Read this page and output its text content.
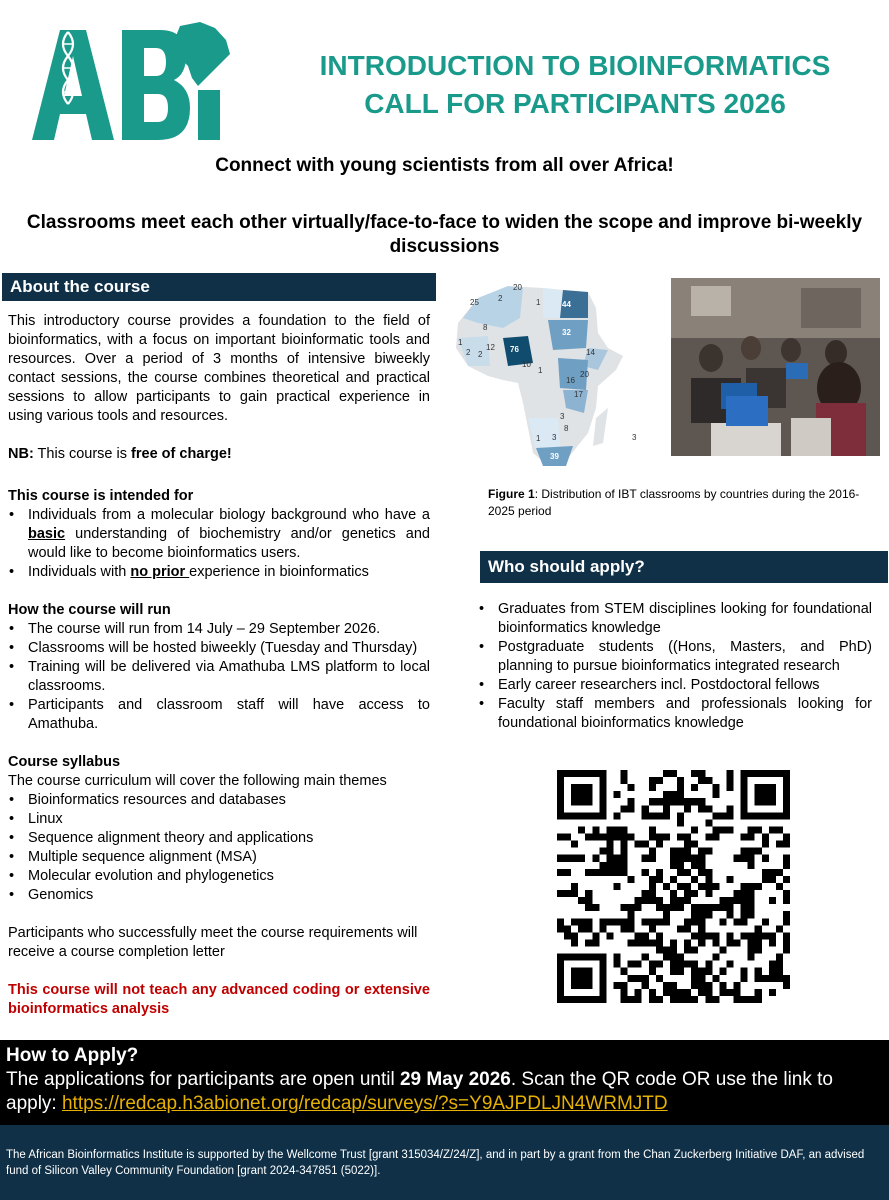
INTRODUCTION TO BIOINFORMATICS
CALL FOR PARTICIPANTS 2026
Connect with young scientists from all over Africa!
Classrooms meet each other virtually/face-to-face to widen the scope and improve bi-weekly discussions
About the course
This introductory course provides a foundation to the field of bioinformatics, with a focus on important bioinformatic tools and resources. Over a period of 3 months of intensive biweekly contact sessions, the course combines theoretical and practical sessions to allow participants to gain practical experience in using various tools and resources.
NB: This course is free of charge!
This course is intended for
• Individuals from a molecular biology background who have a basic understanding of biochemistry and/or genetics and would like to become bioinformatics users.
• Individuals with no prior experience in bioinformatics
How the course will run
• The course will run from 14 July – 29 September 2026.
• Classrooms will be hosted biweekly (Tuesday and Thursday)
• Training will be delivered via Amathuba LMS platform to local classrooms.
• Participants and classroom staff will have access to Amathuba.
Course syllabus
The course curriculum will cover the following main themes
• Bioinformatics resources and databases
• Linux
• Sequence alignment theory and applications
• Multiple sequence alignment (MSA)
• Molecular evolution and phylogenetics
• Genomics
Participants who successfully meet the course requirements will receive a course completion letter
This course will not teach any advanced coding or extensive bioinformatics analysis
25 2
20
1	44
8
32
1
2 2
12 76	14
10
1	20
16
17
3
3
8
1
39
3
Figure 1: Distribution of IBT classrooms by countries during the 2016-2025 period
Who should apply?
• Graduates from STEM disciplines looking for foundational bioinformatics knowledge
• Postgraduate students ((Hons, Masters, and PhD) planning to pursue bioinformatics integrated research
• Early career researchers incl. Postdoctoral fellows
• Faculty staff members and professionals looking for foundational bioinformatics knowledge
How to Apply?
The applications for participants are open until 29 May 2026. Scan the QR code OR use the link to apply: https://redcap.h3abionet.org/redcap/surveys/?s=Y9AJPDLJN4WRMJTD
The African Bioinformatics Institute is supported by the Wellcome Trust [grant 315034/Z/24/Z], and in part by a grant from the Chan Zuckerberg Initiative DAF, an advised fund of Silicon Valley Community Foundation [grant 2024-347851 (5022)].
